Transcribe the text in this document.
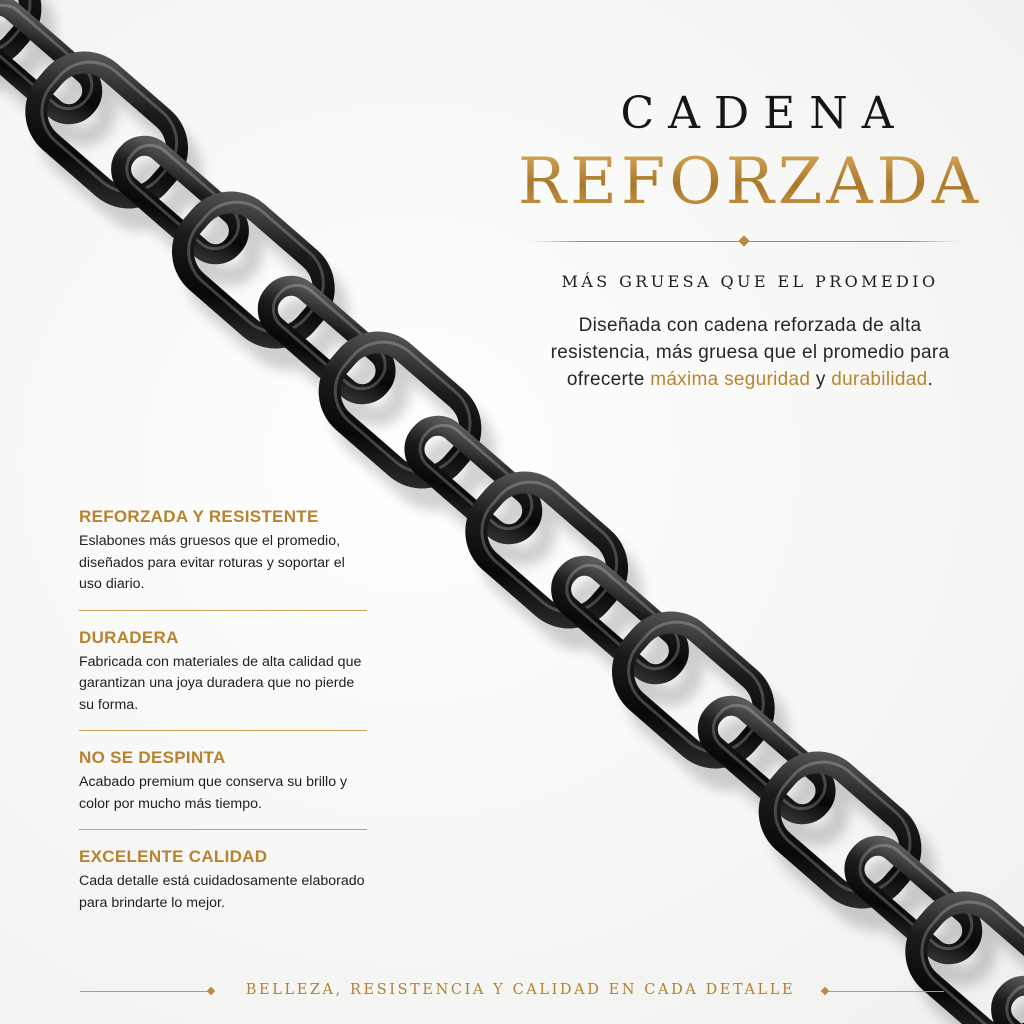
CADENA
REFORZADA
MÁS GRUESA QUE EL PROMEDIO
Diseñada con cadena reforzada de alta resistencia, más gruesa que el promedio para ofrecerte máxima seguridad y durabilidad.
REFORZADA Y RESISTENTE
Eslabones más gruesos que el promedio, diseñados para evitar roturas y soportar el uso diario.
DURADERA
Fabricada con materiales de alta calidad que garantizan una joya duradera que no pierde su forma.
NO SE DESPINTA
Acabado premium que conserva su brillo y color por mucho más tiempo.
EXCELENTE CALIDAD
Cada detalle está cuidadosamente elaborado para brindarte lo mejor.
BELLEZA, RESISTENCIA Y CALIDAD EN CADA DETALLE
